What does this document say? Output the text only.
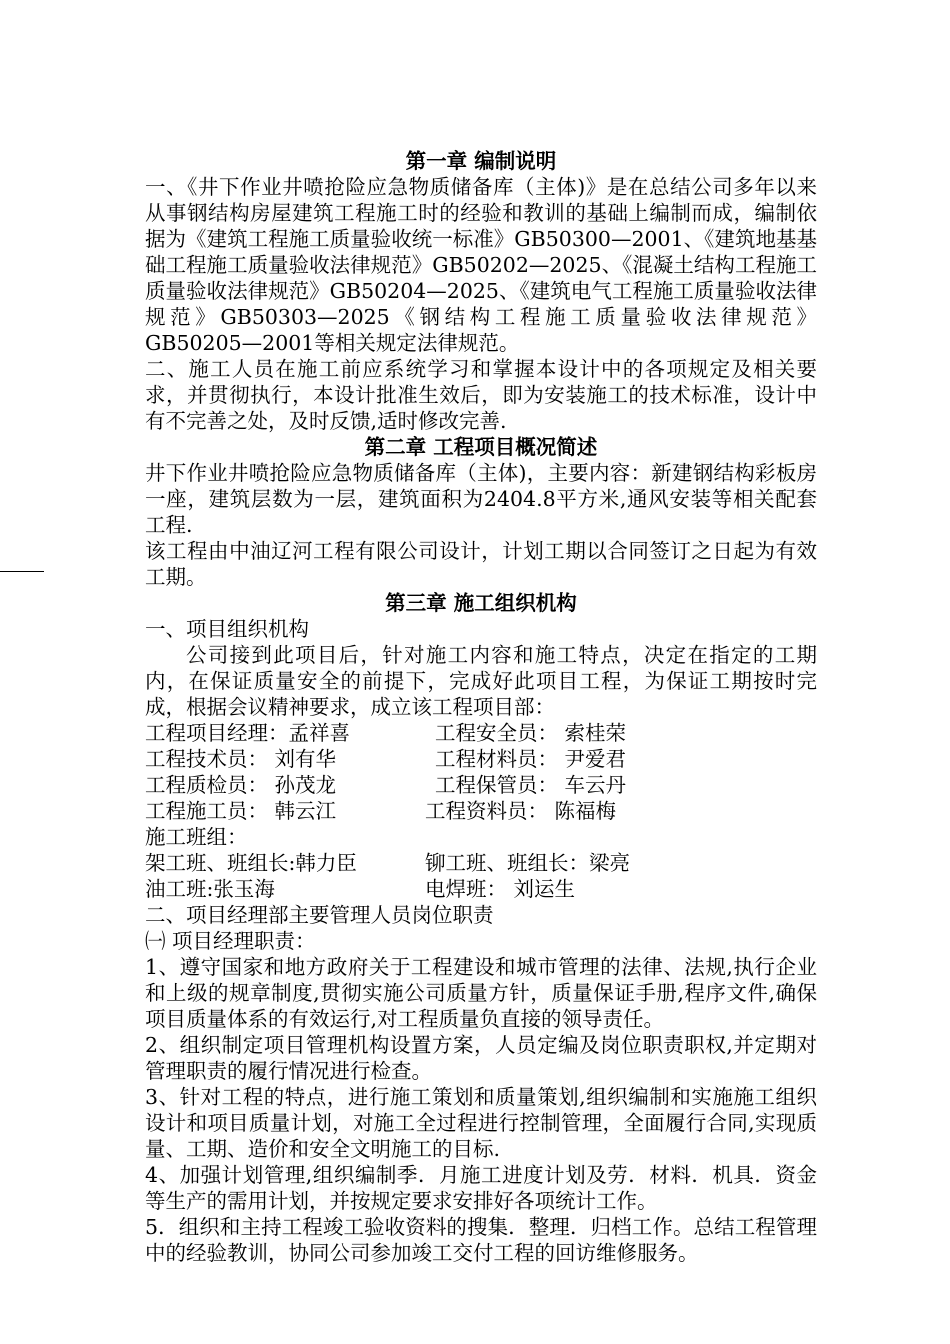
第一章 编制说明
一、《井下作业井喷抢险应急物质储备库（主体)》是在总结公司多年以来从事钢结构房屋建筑工程施工时的经验和教训的基础上编制而成，编制依据为《建筑工程施工质量验收统一标准》GB50300—2001、《建筑地基基础工程施工质量验收法律规范》GB50202—2025、《混凝土结构工程施工质量验收法律规范》GB50204—2025、《建筑电气工程施工质量验收法律规范》GB50303—2025《钢结构工程施工质量验收法律规范》GB50205—2001等相关规定法律规范。
二、施工人员在施工前应系统学习和掌握本设计中的各项规定及相关要求，并贯彻执行，本设计批准生效后，即为安装施工的技术标准，设计中有不完善之处，及时反馈,适时修改完善.
第二章 工程项目概况简述
井下作业井喷抢险应急物质储备库（主体)，主要内容：新建钢结构彩板房一座，建筑层数为一层，建筑面积为2404.8平方米,通风安装等相关配套工程.
该工程由中油辽河工程有限公司设计，计划工期以合同签订之日起为有效工期。
第三章 施工组织机构
一、项目组织机构
公司接到此项目后，针对施工内容和施工特点，决定在指定的工期内，在保证质量安全的前提下，完成好此项目工程，为保证工期按时完成，根据会议精神要求，成立该工程项目部：
工程项目经理：孟祥喜	工程安全员： 索桂荣
工程技术员： 刘有华	工程材料员： 尹爱君
工程质检员： 孙茂龙	工程保管员： 车云丹
工程施工员： 韩云江	工程资料员： 陈福梅
施工班组：
架工班、班组长:韩力臣	铆工班、班组长：梁亮
油工班:张玉海	电焊班： 刘运生
二、项目经理部主要管理人员岗位职责
㈠ 项目经理职责：
1、遵守国家和地方政府关于工程建设和城市管理的法律、法规,执行企业和上级的规章制度,贯彻实施公司质量方针，质量保证手册,程序文件,确保项目质量体系的有效运行,对工程质量负直接的领导责任。
2、组织制定项目管理机构设置方案，人员定编及岗位职责职权,并定期对管理职责的履行情况进行检查。
3、针对工程的特点，进行施工策划和质量策划,组织编制和实施施工组织设计和项目质量计划，对施工全过程进行控制管理，全面履行合同,实现质量、工期、造价和安全文明施工的目标.
4、加强计划管理,组织编制季．月施工进度计划及劳．材料．机具．资金等生产的需用计划，并按规定要求安排好各项统计工作。
5．组织和主持工程竣工验收资料的搜集．整理．归档工作。总结工程管理中的经验教训，协同公司参加竣工交付工程的回访维修服务。
